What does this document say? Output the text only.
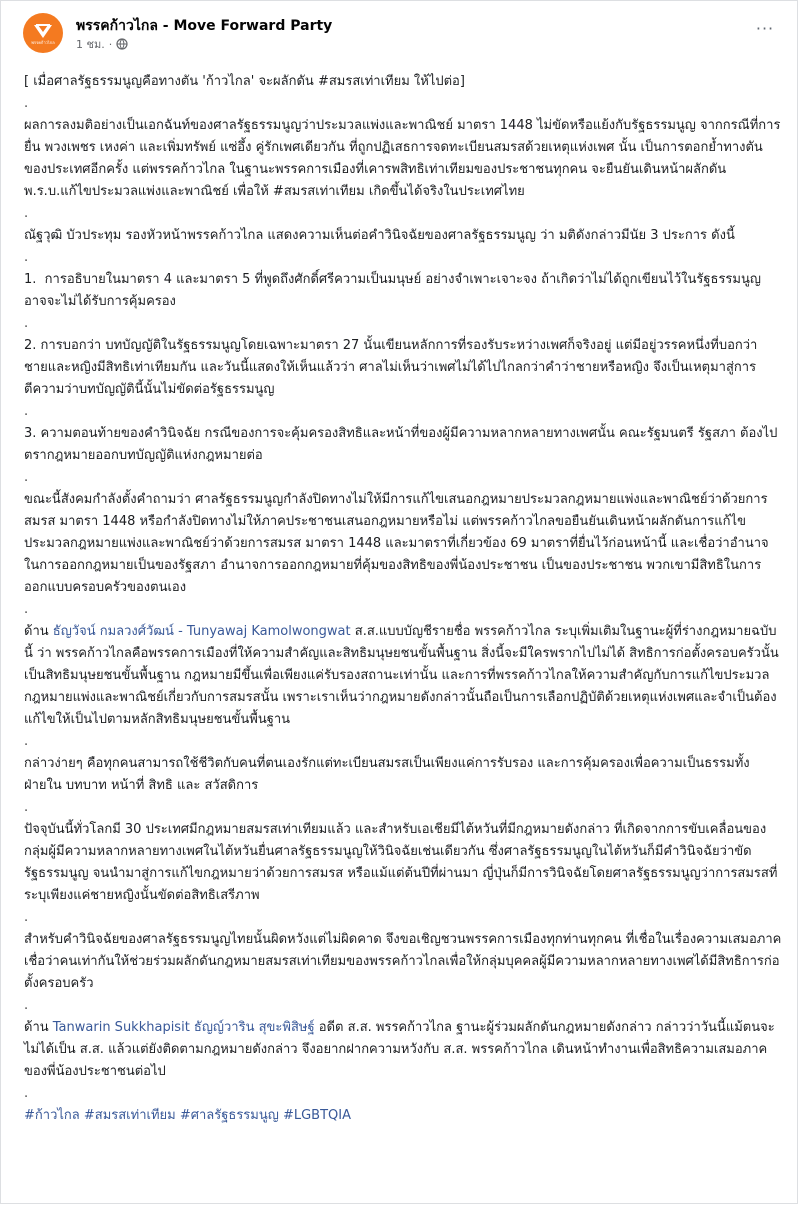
พรรคก้าวไกล
พรรคก้าวไกล - Move Forward Party
1 ชม. ·
···

[ เมื่อศาลรัฐธรรมนูญคือทางตัน 'ก้าวไกล' จะผลักดัน #สมรสเท่าเทียม ให้ไปต่อ]

.

ผลการลงมติอย่างเป็นเอกฉันท์ของศาลรัฐธรรมนูญว่าประมวลแพ่งและพาณิชย์ มาตรา 1448 ไม่ขัดหรือแย้งกับรัฐธรรมนูญ จากกรณีที่การยื่น พวงเพชร เหงค่า และเพิ่มทรัพย์ แซ่อึ้ง คู่รักเพศเดียวกัน ที่ถูกปฏิเสธการจดทะเบียนสมรสด้วยเหตุแห่งเพศ นั้น เป็นการตอกย้ำทางตันของประเทศอีกครั้ง แต่พรรคก้าวไกล ในฐานะพรรคการเมืองที่เคารพสิทธิเท่าเทียมของประชาชนทุกคน จะยืนยันเดินหน้าผลักดัน พ.ร.บ.แก้ไขประมวลแพ่งและพาณิชย์ เพื่อให้ #สมรสเท่าเทียม เกิดขึ้นได้จริงในประเทศไทย

.

ณัฐวุฒิ บัวประทุม รองหัวหน้าพรรคก้าวไกล แสดงความเห็นต่อคำวินิจฉัยของศาลรัฐธรรมนูญ ว่า มติดังกล่าวมีนัย 3 ประการ ดังนี้

.

1.  การอธิบายในมาตรา 4 และมาตรา 5 ที่พูดถึงศักดิ์ศรีความเป็นมนุษย์ อย่างจำเพาะเจาะจง ถ้าเกิดว่าไม่ได้ถูกเขียนไว้ในรัฐธรรมนูญ อาจจะไม่ได้รับการคุ้มครอง

.

2. การบอกว่า บทบัญญัติในรัฐธรรมนูญโดยเฉพาะมาตรา 27 นั้นเขียนหลักการที่รองรับระหว่างเพศก็จริงอยู่ แต่มีอยู่วรรคหนึ่งที่บอกว่า ชายและหญิงมีสิทธิเท่าเทียมกัน และวันนี้แสดงให้เห็นแล้วว่า ศาลไม่เห็นว่าเพศไม่ได้ไปไกลกว่าคำว่าชายหรือหญิง จึงเป็นเหตุมาสู่การตีความว่าบทบัญญัตินี้นั้นไม่ขัดต่อรัฐธรรมนูญ

.

3. ความตอนท้ายของคำวินิจฉัย กรณีของการจะคุ้มครองสิทธิและหน้าที่ของผู้มีความหลากหลายทางเพศนั้น คณะรัฐมนตรี รัฐสภา ต้องไปตรากฎหมายออกบทบัญญัติแห่งกฎหมายต่อ

.

ขณะนี้สังคมกำลังตั้งคำถามว่า ศาลรัฐธรรมนูญกำลังปิดทางไม่ให้มีการแก้ไขเสนอกฎหมายประมวลกฎหมายแพ่งและพาณิชย์ว่าด้วยการสมรส มาตรา 1448 หรือกำลังปิดทางไม่ให้ภาคประชาชนเสนอกฎหมายหรือไม่ แต่พรรคก้าวไกลขอยืนยันเดินหน้าผลักดันการแก้ไขประมวลกฎหมายแพ่งและพาณิชย์ว่าด้วยการสมรส มาตรา 1448 และมาตราที่เกี่ยวข้อง 69 มาตราที่ยื่นไว้ก่อนหน้านี้ และเชื่อว่าอำนาจในการออกกฎหมายเป็นของรัฐสภา อำนาจการออกกฎหมายที่คุ้มของสิทธิของพี่น้องประชาชน เป็นของประชาชน พวกเขามีสิทธิในการออกแบบครอบครัวของตนเอง

.

ด้าน ธัญวัจน์ กมลวงศ์วัฒน์ - Tunyawaj Kamolwongwat ส.ส.แบบบัญชีรายชื่อ พรรคก้าวไกล ระบุเพิ่มเติมในฐานะผู้ที่ร่างกฎหมายฉบับนี้ ว่า พรรคก้าวไกลคือพรรคการเมืองที่ให้ความสำคัญและสิทธิมนุษยชนขั้นพื้นฐาน สิ่งนี้จะมีใครพรากไปไม่ได้ สิทธิการก่อตั้งครอบครัวนั้นเป็นสิทธิมนุษยชนขั้นพื้นฐาน กฎหมายมีขึ้นเพื่อเพียงแค่รับรองสถานะเท่านั้น และการที่พรรคก้าวไกลให้ความสำคัญกับการแก้ไขประมวลกฎหมายแพ่งและพาณิชย์เกี่ยวกับการสมรสนั้น เพราะเราเห็นว่ากฎหมายดังกล่าวนั้นถือเป็นการเลือกปฏิบัติด้วยเหตุแห่งเพศและจำเป็นต้องแก้ไขให้เป็นไปตามหลักสิทธิมนุษยชนขั้นพื้นฐาน

.

กล่าวง่ายๆ คือทุกคนสามารถใช้ชีวิตกับคนที่ตนเองรักแต่ทะเบียนสมรสเป็นเพียงแค่การรับรอง และการคุ้มครองเพื่อความเป็นธรรมทั้งฝ่ายใน บทบาท หน้าที่ สิทธิ และ สวัสดิการ

.

ปัจจุบันนี้ทั่วโลกมี 30 ประเทศมีกฎหมายสมรสเท่าเทียมแล้ว และสำหรับเอเชียมีไต้หวันที่มีกฎหมายดังกล่าว ที่เกิดจากการขับเคลื่อนของกลุ่มผู้มีความหลากหลายทางเพศในไต้หวันยื่นศาลรัฐธรรมนูญให้วินิจฉัยเช่นเดียวกัน ซึ่งศาลรัฐธรรมนูญในไต้หวันก็มีคำวินิจฉัยว่าขัดรัฐธรรมนูญ จนนำมาสู่การแก้ไขกฎหมายว่าด้วยการสมรส หรือแม้แต่ต้นปีที่ผ่านมา ญี่ปุ่นก็มีการวินิจฉัยโดยศาลรัฐธรรมนูญว่าการสมรสที่ระบุเพียงแค่ชายหญิงนั้นขัดต่อสิทธิเสรีภาพ

.

สำหรับคำวินิจฉัยของศาลรัฐธรรมนูญไทยนั้นผิดหวังแต่ไม่ผิดคาด จึงขอเชิญชวนพรรคการเมืองทุกท่านทุกคน ที่เชื่อในเรื่องความเสมอภาคเชื่อว่าคนเท่ากันให้ช่วยร่วมผลักดันกฎหมายสมรสเท่าเทียมของพรรคก้าวไกลเพื่อให้กลุ่มบุคคลผู้มีความหลากหลายทางเพศได้มีสิทธิการก่อตั้งครอบครัว

.

ด้าน Tanwarin Sukkhapisit ธัญญ์วาริน สุขะพิสิษฐ์ อดีต ส.ส. พรรคก้าวไกล ฐานะผู้ร่วมผลักดันกฎหมายดังกล่าว กล่าวว่าวันนี้แม้ตนจะไม่ได้เป็น ส.ส. แล้วแต่ยังติดตามกฎหมายดังกล่าว จึงอยากฝากความหวังกับ ส.ส. พรรคก้าวไกล เดินหน้าทำงานเพื่อสิทธิความเสมอภาคของพี่น้องประชาชนต่อไป

.

#ก้าวไกล #สมรสเท่าเทียม #ศาลรัฐธรรมนูญ #LGBTQIA
